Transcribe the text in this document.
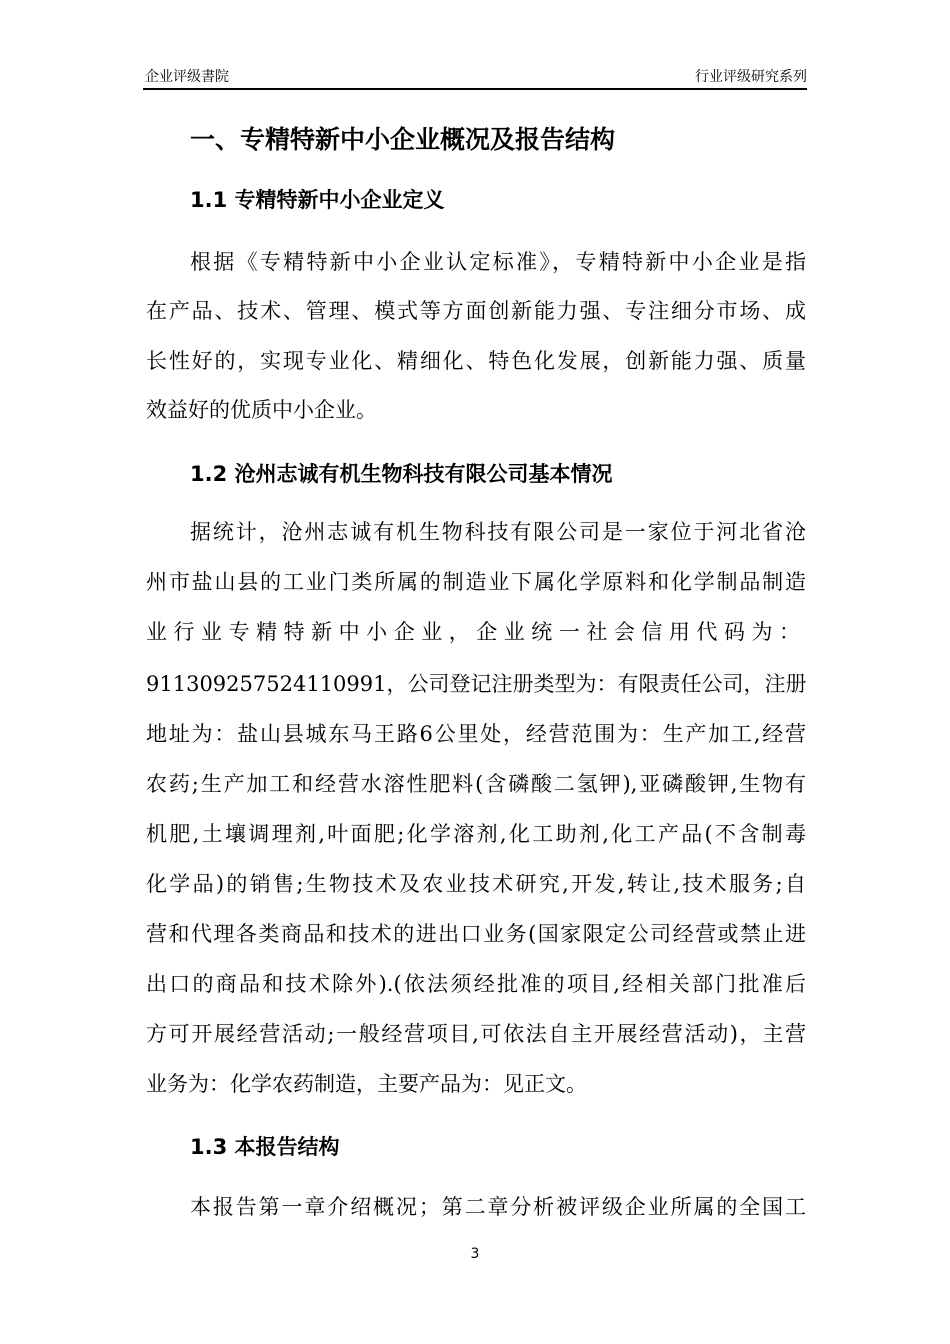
企业评级書院	行业评级研究系列
一、专精特新中小企业概况及报告结构
1.1 专精特新中小企业定义
根据《专精特新中小企业认定标准》，专精特新中小企业是指
在产品、技术、管理、模式等方面创新能力强、专注细分市场、成
长性好的，实现专业化、精细化、特色化发展，创新能力强、质量
效益好的优质中小企业。
1.2 沧州志诚有机生物科技有限公司基本情况
据统计，沧州志诚有机生物科技有限公司是一家位于河北省沧
州市盐山县的工业门类所属的制造业下属化学原料和化学制品制造
业行业专精特新中小企业，企业统一社会信用代码为：
911309257524110991，公司登记注册类型为：有限责任公司，注册
地址为：盐山县城东马王路6公里处，经营范围为：生产加工,经营
农药;生产加工和经营水溶性肥料(含磷酸二氢钾),亚磷酸钾,生物有
机肥,土壤调理剂,叶面肥;化学溶剂,化工助剂,化工产品(不含制毒
化学品)的销售;生物技术及农业技术研究,开发,转让,技术服务;自
营和代理各类商品和技术的进出口业务(国家限定公司经营或禁止进
出口的商品和技术除外).(依法须经批准的项目,经相关部门批准后
方可开展经营活动;一般经营项目,可依法自主开展经营活动)，主营
业务为：化学农药制造，主要产品为：见正文。
1.3 本报告结构
本报告第一章介绍概况；第二章分析被评级企业所属的全国工
3
